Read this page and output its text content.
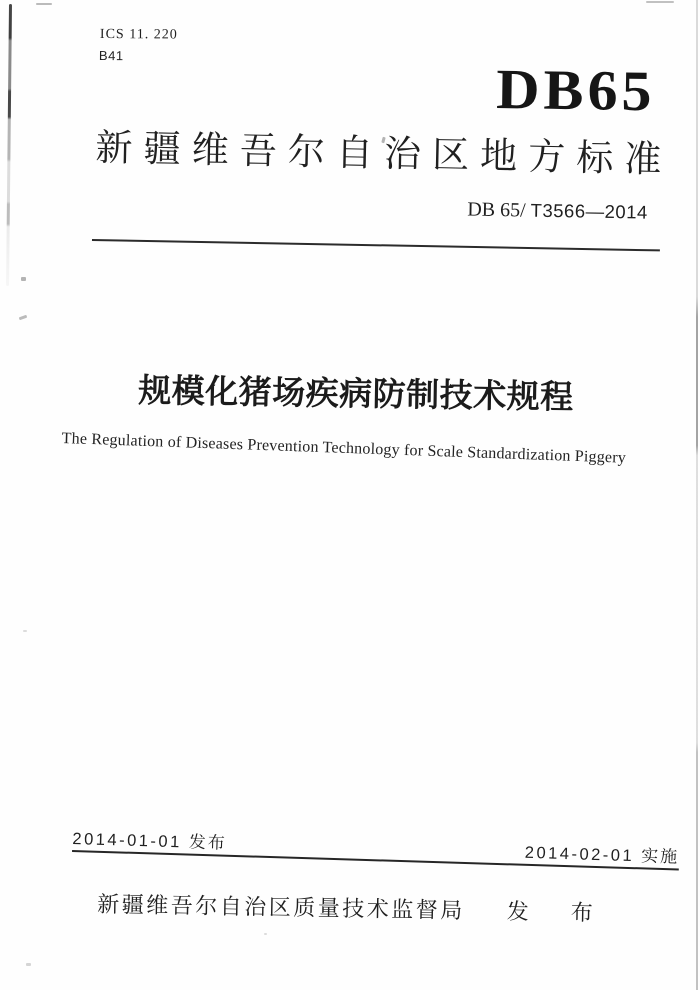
ICS 11. 220
B41
DB65
新疆维吾尔自治区地方标准
DB 65/ T3566—2014
规模化猪场疾病防制技术规程
The Regulation of Diseases Prevention Technology for Scale Standardization Piggery
2014-01-01 发布
2014-02-01 实施
新疆维吾尔自治区质量技术监督局 发　布
